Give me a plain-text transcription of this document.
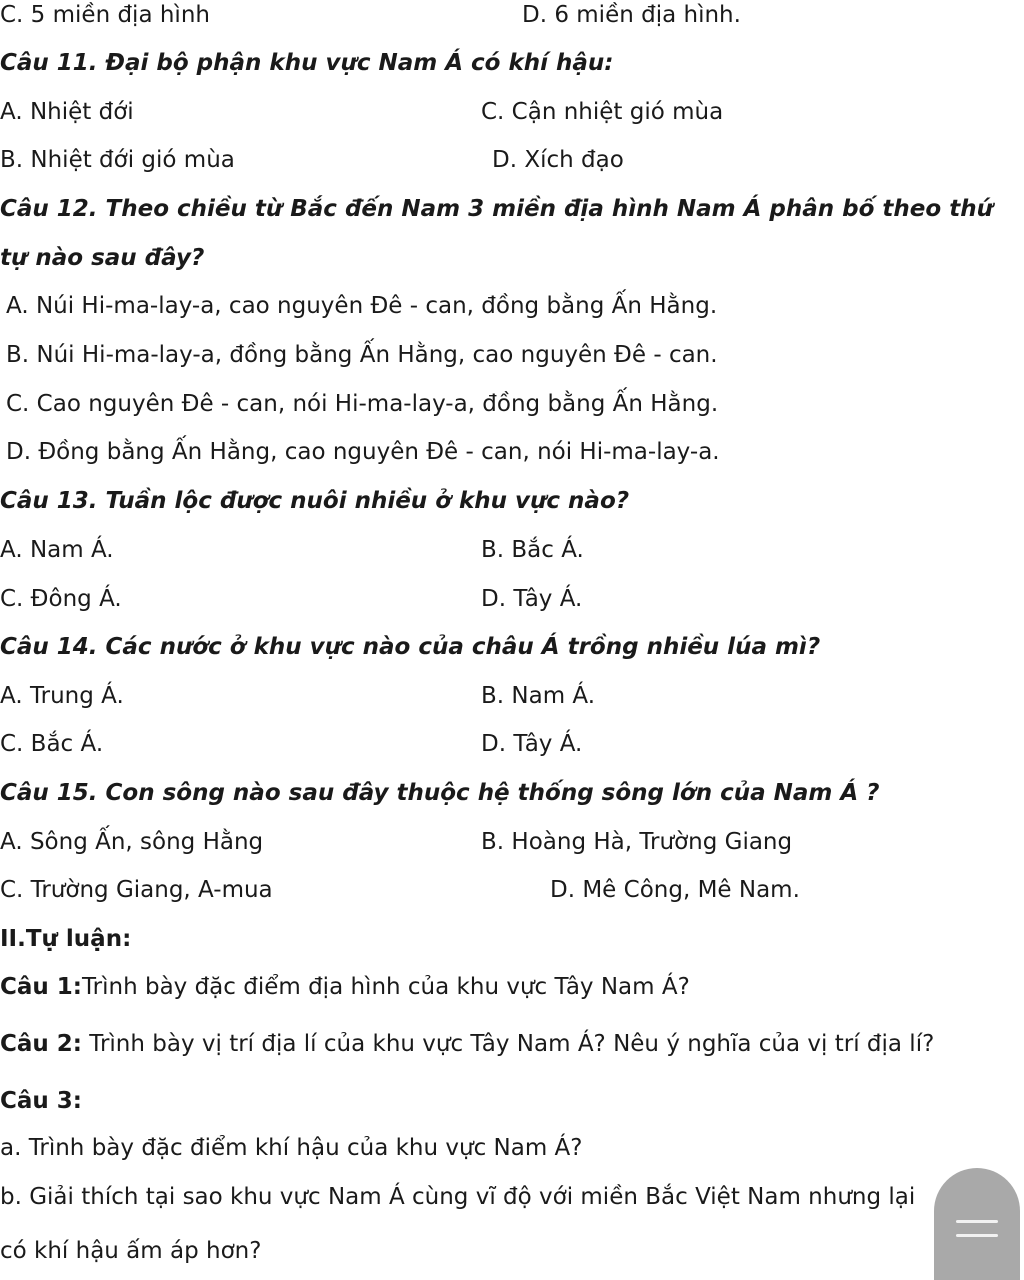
C. 5 miền địa hình	D. 6 miền địa hình.
Câu 11. Đại bộ phận khu vực Nam Á có khí hậu:
A. Nhiệt đới	C. Cận nhiệt gió mùa
B. Nhiệt đới gió mùa	D. Xích đạo
Câu 12. Theo chiều từ Bắc đến Nam 3 miền địa hình Nam Á phân bố theo thứ
tự nào sau đây?
A. Núi Hi-ma-lay-a, cao nguyên Đê - can, đồng bằng Ấn Hằng.
B. Núi Hi-ma-lay-a, đồng bằng Ấn Hằng, cao nguyên Đê - can.
C. Cao nguyên Đê - can, nói Hi-ma-lay-a, đồng bằng Ấn Hằng.
D. Đồng bằng Ấn Hằng, cao nguyên Đê - can, nói Hi-ma-lay-a.
Câu 13. Tuần lộc được nuôi nhiều ở khu vực nào?
A. Nam Á.	B. Bắc Á.
C. Đông Á.	D. Tây Á.
Câu 14. Các nước ở khu vực nào của châu Á trồng nhiều lúa mì?
A. Trung Á.	B. Nam Á.
C. Bắc Á.	D. Tây Á.
Câu 15. Con sông nào sau đây thuộc hệ thống sông lớn của Nam Á ?
A. Sông Ấn, sông Hằng	B. Hoàng Hà, Trường Giang
C. Trường Giang, A-mua	D. Mê Công, Mê Nam.
II.Tự luận:
Câu 1:Trình bày đặc điểm địa hình của khu vực Tây Nam Á?
Câu 2: Trình bày vị trí địa lí của khu vực Tây Nam Á? Nêu ý nghĩa của vị trí địa lí?
Câu 3:
a. Trình bày đặc điểm khí hậu của khu vực Nam Á?
b. Giải thích tại sao khu vực Nam Á cùng vĩ độ với miền Bắc Việt Nam nhưng lại
có khí hậu ấm áp hơn?
